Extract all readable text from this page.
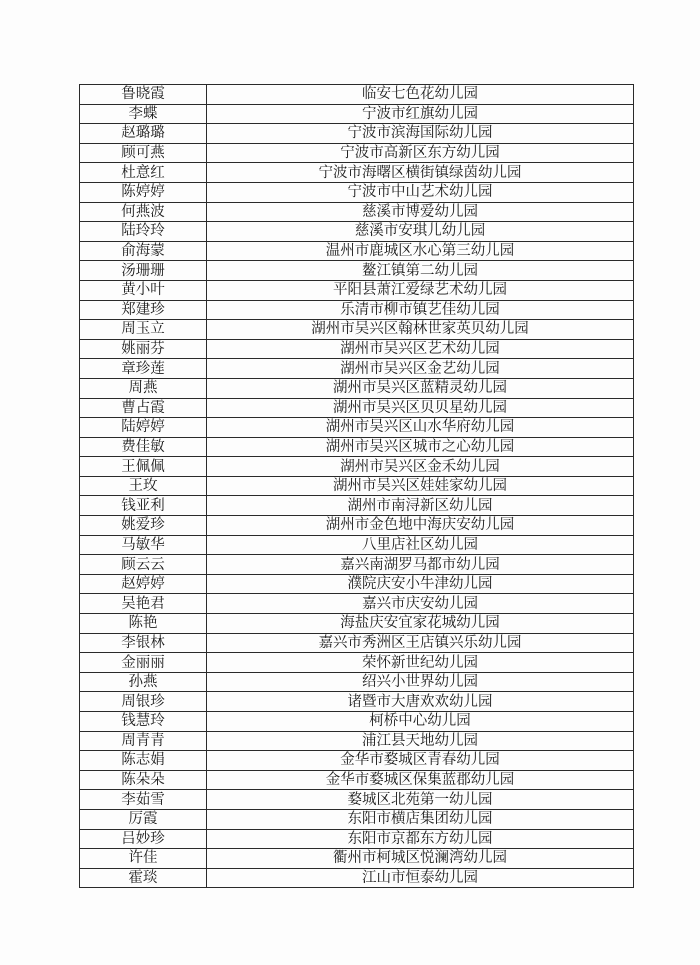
鲁晓霞	临安七色花幼儿园
李蝶	宁波市红旗幼儿园
赵璐璐	宁波市滨海国际幼儿园
顾可燕	宁波市高新区东方幼儿园
杜意红	宁波市海曙区横街镇绿茵幼儿园
陈婷婷	宁波市中山艺术幼儿园
何燕波	慈溪市博爱幼儿园
陆玲玲	慈溪市安琪儿幼儿园
俞海蒙	温州市鹿城区水心第三幼儿园
汤珊珊	鳌江镇第二幼儿园
黄小叶	平阳县萧江爱绿艺术幼儿园
郑建珍	乐清市柳市镇艺佳幼儿园
周玉立	湖州市吴兴区翰林世家英贝幼儿园
姚丽芬	湖州市吴兴区艺术幼儿园
章珍莲	湖州市吴兴区金艺幼儿园
周燕	湖州市吴兴区蓝精灵幼儿园
曹占霞	湖州市吴兴区贝贝星幼儿园
陆婷婷	湖州市吴兴区山水华府幼儿园
费佳敏	湖州市吴兴区城市之心幼儿园
王佩佩	湖州市吴兴区金禾幼儿园
王玫	湖州市吴兴区娃娃家幼儿园
钱亚利	湖州市南浔新区幼儿园
姚爱珍	湖州市金色地中海庆安幼儿园
马敏华	八里店社区幼儿园
顾云云	嘉兴南湖罗马都市幼儿园
赵婷婷	濮院庆安小牛津幼儿园
吴艳君	嘉兴市庆安幼儿园
陈艳	海盐庆安宜家花城幼儿园
李银林	嘉兴市秀洲区王店镇兴乐幼儿园
金丽丽	荣怀新世纪幼儿园
孙燕	绍兴小世界幼儿园
周银珍	诸暨市大唐欢欢幼儿园
钱慧玲	柯桥中心幼儿园
周青青	浦江县天地幼儿园
陈志娟	金华市婺城区青春幼儿园
陈朵朵	金华市婺城区保集蓝郡幼儿园
李茹雪	婺城区北苑第一幼儿园
厉霞	东阳市横店集团幼儿园
吕妙珍	东阳市京都东方幼儿园
许佳	衢州市柯城区悦澜湾幼儿园
霍琰	江山市恒泰幼儿园
